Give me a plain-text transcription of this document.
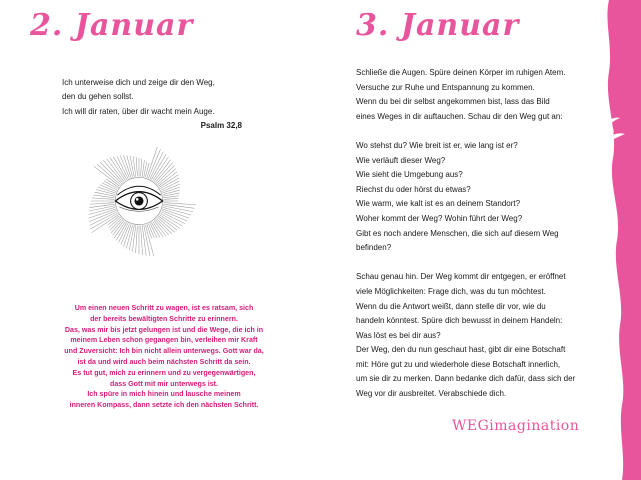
2. Januar
Ich unterweise dich und zeige dir den Weg,
den du gehen sollst.
Ich will dir raten, über dir wacht mein Auge.
Psalm 32,8

Um einen neuen Schritt zu wagen, ist es ratsam, sich
der bereits bewältigten Schritte zu erinnern.
Das, was mir bis jetzt gelungen ist und die Wege, die ich in
meinem Leben schon gegangen bin, verleihen mir Kraft
und Zuversicht: Ich bin nicht allein unterwegs. Gott war da,
ist da und wird auch beim nächsten Schritt da sein.
Es tut gut, mich zu erinnern und zu vergegenwärtigen,
dass Gott mit mir unterwegs ist.
Ich spüre in mich hinein und lausche meinem
inneren Kompass, dann setzte ich den nächsten Schritt.

3. Januar
Schließe die Augen. Spüre deinen Körper im ruhigen Atem.
Versuche zur Ruhe und Entspannung zu kommen.
Wenn du bei dir selbst angekommen bist, lass das Bild
eines Weges in dir auftauchen. Schau dir den Weg gut an:
Wo stehst du? Wie breit ist er, wie lang ist er?
Wie verläuft dieser Weg?
Wie sieht die Umgebung aus?
Riechst du oder hörst du etwas?
Wie warm, wie kalt ist es an deinem Standort?
Woher kommt der Weg? Wohin führt der Weg?
Gibt es noch andere Menschen, die sich auf diesem Weg
befinden?
Schau genau hin. Der Weg kommt dir entgegen, er eröffnet
viele Möglichkeiten: Frage dich, was du tun möchtest.
Wenn du die Antwort weißt, dann stelle dir vor, wie du
handeln könntest. Spüre dich bewusst in deinem Handeln:
Was löst es bei dir aus?
Der Weg, den du nun geschaut hast, gibt dir eine Botschaft
mit: Höre gut zu und wiederhole diese Botschaft innerlich,
um sie dir zu merken. Dann bedanke dich dafür, dass sich der
Weg vor dir ausbreitet. Verabschiede dich.
WEGimagination
